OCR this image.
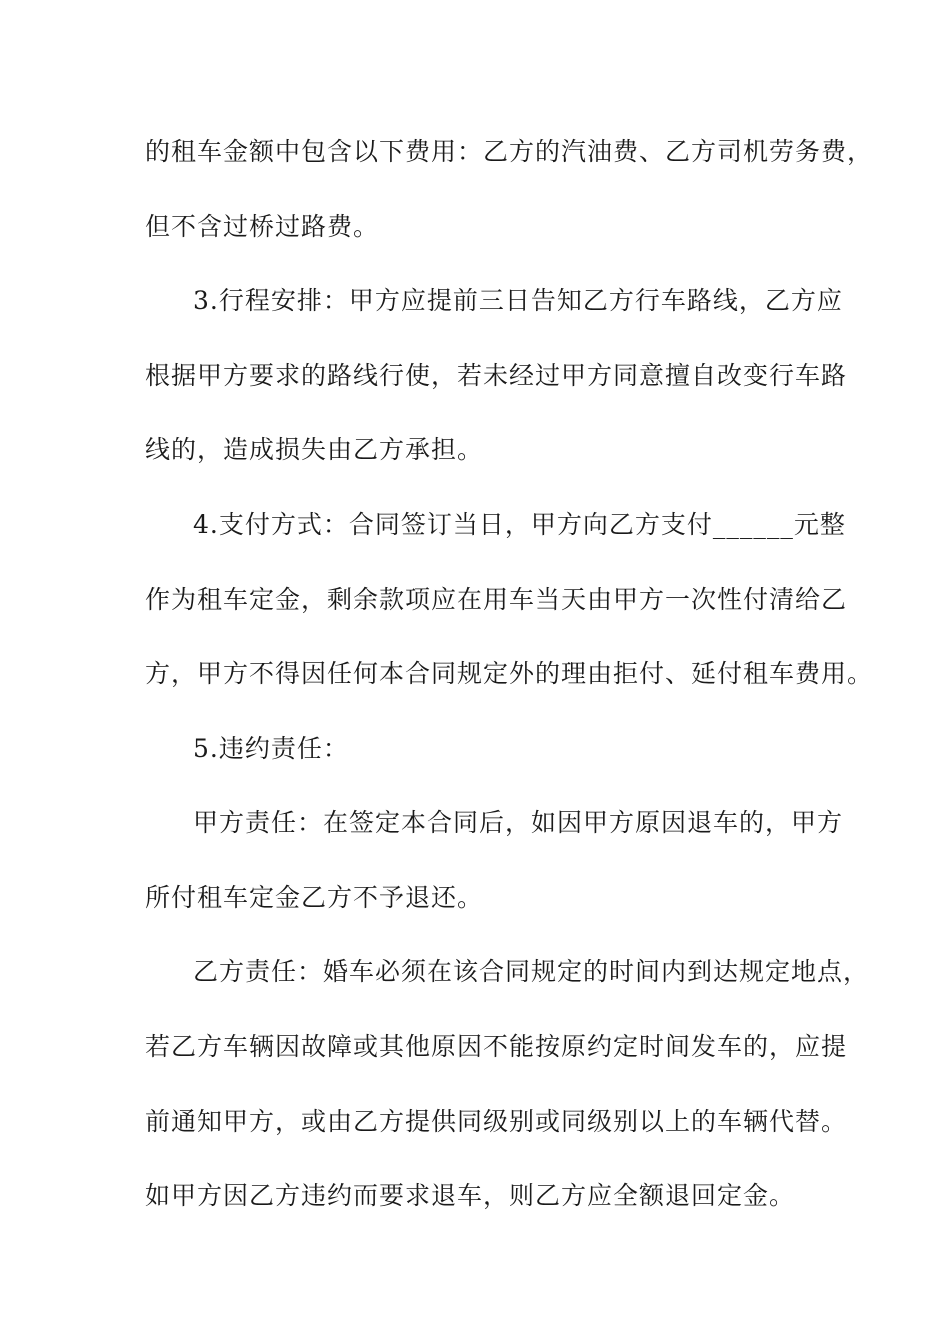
的租车金额中包含以下费用：乙方的汽油费、乙方司机劳务费，
但不含过桥过路费。
3.行程安排：甲方应提前三日告知乙方行车路线，乙方应
根据甲方要求的路线行使，若未经过甲方同意擅自改变行车路
线的，造成损失由乙方承担。
4.支付方式：合同签订当日，甲方向乙方支付______元整
作为租车定金，剩余款项应在用车当天由甲方一次性付清给乙
方，甲方不得因任何本合同规定外的理由拒付、延付租车费用。
5.违约责任：
甲方责任：在签定本合同后，如因甲方原因退车的，甲方
所付租车定金乙方不予退还。
乙方责任：婚车必须在该合同规定的时间内到达规定地点，
若乙方车辆因故障或其他原因不能按原约定时间发车的，应提
前通知甲方，或由乙方提供同级别或同级别以上的车辆代替。
如甲方因乙方违约而要求退车，则乙方应全额退回定金。
